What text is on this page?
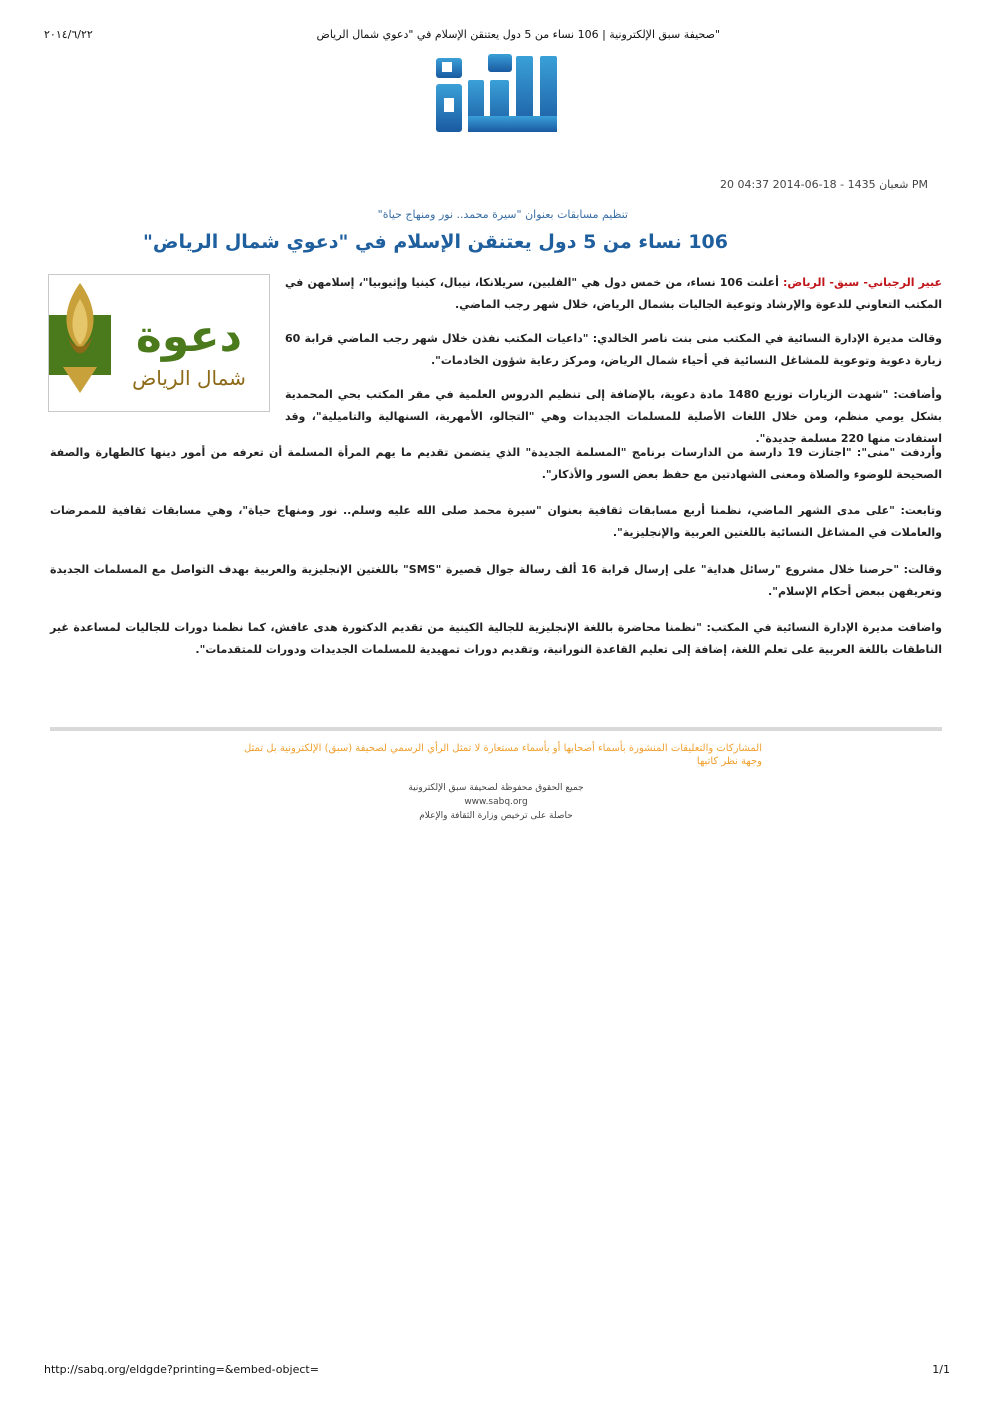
٢٠١٤/٦/٢٢	"صحيفة سبق الإلكترونية | 106 نساء من 5 دول يعتنقن الإسلام في "دعوي شمال الرياض
20 شعبان 1435 - 18-06-2014 04:37 PM
تنظيم مسابقات بعنوان "سيرة محمد.. نور ومنهاج حياة"
106 نساء من 5 دول يعتنقن الإسلام في "دعوي شمال الرياض"
دعوة
شمال الرياض

عبير الرجباني- سبق- الرياض: أعلنت 106 نساء، من خمس دول هي "الفلبين، سريلانكا، نيبال، كينيا وإثيوبيا"، إسلامهن في المكتب التعاوني للدعوة والإرشاد وتوعية الجاليات بشمال الرياض، خلال شهر رجب الماضي.

وقالت مديرة الإدارة النسائية في المكتب منى بنت ناصر الخالدي: "داعيات المكتب نفذن خلال شهر رجب الماضي قرابة 60 زيارة دعوية وتوعوية للمشاغل النسائية في أحياء شمال الرياض، ومركز رعاية شؤون الخادمات".

وأضافت: "شهدت الزيارات توزيع 1480 مادة دعوية، بالإضافة إلى تنظيم الدروس العلمية في مقر المكتب بحي المحمدية بشكل يومي منظم، ومن خلال اللغات الأصلية للمسلمات الجديدات وهي "التجالو، الأمهرية، السنهالية والتاميلية"، وقد استفادت منها 220 مسلمة جديدة".

وأردفت "منى": "اجتازت 19 دارسة من الدارسات برنامج "المسلمة الجديدة" الذي يتضمن تقديم ما يهم المرأة المسلمة أن تعرفه من أمور دينها كالطهارة والصفة الصحيحة للوضوء والصلاة ومعنى الشهادتين مع حفظ بعض السور والأذكار".

وتابعت: "على مدى الشهر الماضي، نظمنا أربع مسابقات ثقافية بعنوان "سيرة محمد صلى الله عليه وسلم.. نور ومنهاج حياة"، وهي مسابقات ثقافية للممرضات والعاملات في المشاغل النسائية باللغتين العربية والإنجليزية".

وقالت: "حرصنا خلال مشروع "رسائل هداية" على إرسال قرابة 16 ألف رسالة جوال قصيرة "SMS" باللغتين الإنجليزية والعربية بهدف التواصل مع المسلمات الجديدة وتعريفهن ببعض أحكام الإسلام".

واضافت مديرة الإدارة النسائية في المكتب: "نظمنا محاضرة باللغة الإنجليزية للجالية الكينية من تقديم الدكتورة هدى عافش، كما نظمنا دورات للجاليات لمساعدة غير الناطقات باللغة العربية على تعلم اللغة، إضافة إلى تعليم القاعدة النورانية، وتقديم دورات تمهيدية للمسلمات الجديدات ودورات للمتقدمات".

المشاركات والتعليقات المنشورة بأسماء أصحابها أو بأسماء مستعارة لا تمثل الرأي الرسمي لصحيفة (سبق) الإلكترونية بل تمثل وجهة نظر كاتبها
جميع الحقوق محفوظة لصحيفة سبق الإلكترونية
www.sabq.org
حاصلة على ترخيص وزارة الثقافة والإعلام
http://sabq.org/eldgde?printing=&embed-object=	1/1
